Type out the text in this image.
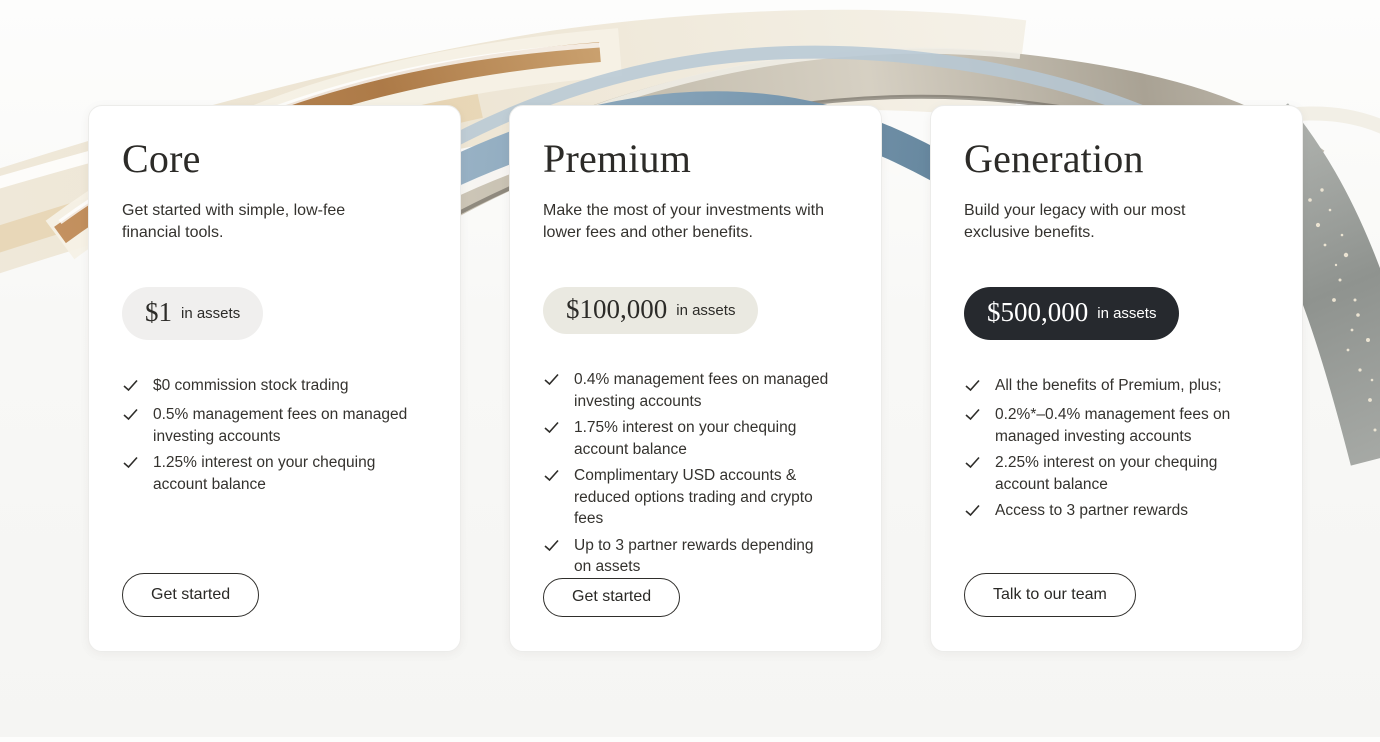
Core

Get started with simple, low-fee financial tools.

$1 in assets
$0 commission stock trading
0.5% management fees on managed investing accounts
1.25% interest on your chequing account balance
Get started
Premium

Make the most of your investments with lower fees and other benefits.

$100,000 in assets
0.4% management fees on managed investing accounts
1.75% interest on your chequing account balance
Complimentary USD accounts & reduced options trading and crypto fees
Up to 3 partner rewards depending on assets
Get started
Generation

Build your legacy with our most exclusive benefits.

$500,000 in assets
All the benefits of Premium, plus;
0.2%*–0.4% management fees on managed investing accounts
2.25% interest on your chequing account balance
Access to 3 partner rewards
Talk to our team
